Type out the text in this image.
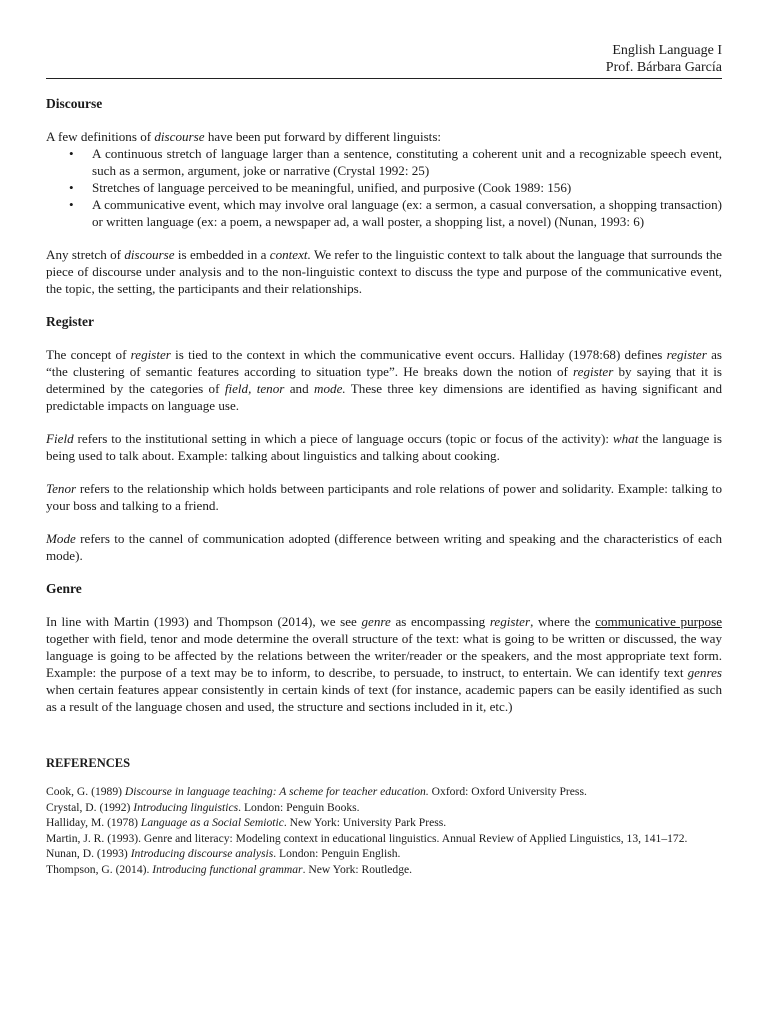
English Language I
Prof. Bárbara García
Discourse

A few definitions of discourse have been put forward by different linguists:

• A continuous stretch of language larger than a sentence, constituting a coherent unit and a recognizable speech event, such as a sermon, argument, joke or narrative (Crystal 1992: 25)
• Stretches of language perceived to be meaningful, unified, and purposive (Cook 1989: 156)
• A communicative event, which may involve oral language (ex: a sermon, a casual conversation, a shopping transaction) or written language (ex: a poem, a newspaper ad, a wall poster, a shopping list, a novel) (Nunan, 1993: 6)

Any stretch of discourse is embedded in a context. We refer to the linguistic context to talk about the language that surrounds the piece of discourse under analysis and to the non-linguistic context to discuss the type and purpose of the communicative event, the topic, the setting, the participants and their relationships.

Register

The concept of register is tied to the context in which the communicative event occurs. Halliday (1978:68) defines register as “the clustering of semantic features according to situation type”. He breaks down the notion of register by saying that it is determined by the categories of field, tenor and mode. These three key dimensions are identified as having significant and predictable impacts on language use.

Field refers to the institutional setting in which a piece of language occurs (topic or focus of the activity): what the language is being used to talk about. Example: talking about linguistics and talking about cooking.

Tenor refers to the relationship which holds between participants and role relations of power and solidarity. Example: talking to your boss and talking to a friend.

Mode refers to the cannel of communication adopted (difference between writing and speaking and the characteristics of each mode).

Genre

In line with Martin (1993) and Thompson (2014), we see genre as encompassing register, where the communicative purpose together with field, tenor and mode determine the overall structure of the text: what is going to be written or discussed, the way language is going to be affected by the relations between the writer/reader or the speakers, and the most appropriate text form. Example: the purpose of a text may be to inform, to describe, to persuade, to instruct, to entertain. We can identify text genres when certain features appear consistently in certain kinds of text (for instance, academic papers can be easily identified as such as a result of the language chosen and used, the structure and sections included in it, etc.)

REFERENCES
Cook, G. (1989) Discourse in language teaching: A scheme for teacher education. Oxford: Oxford University Press.
Crystal, D. (1992) Introducing linguistics. London: Penguin Books.
Halliday, M. (1978) Language as a Social Semiotic. New York: University Park Press.
Martin, J. R. (1993). Genre and literacy: Modeling context in educational linguistics. Annual Review of Applied Linguistics, 13, 141–172.
Nunan, D. (1993) Introducing discourse analysis. London: Penguin English.
Thompson, G. (2014). Introducing functional grammar. New York: Routledge.
